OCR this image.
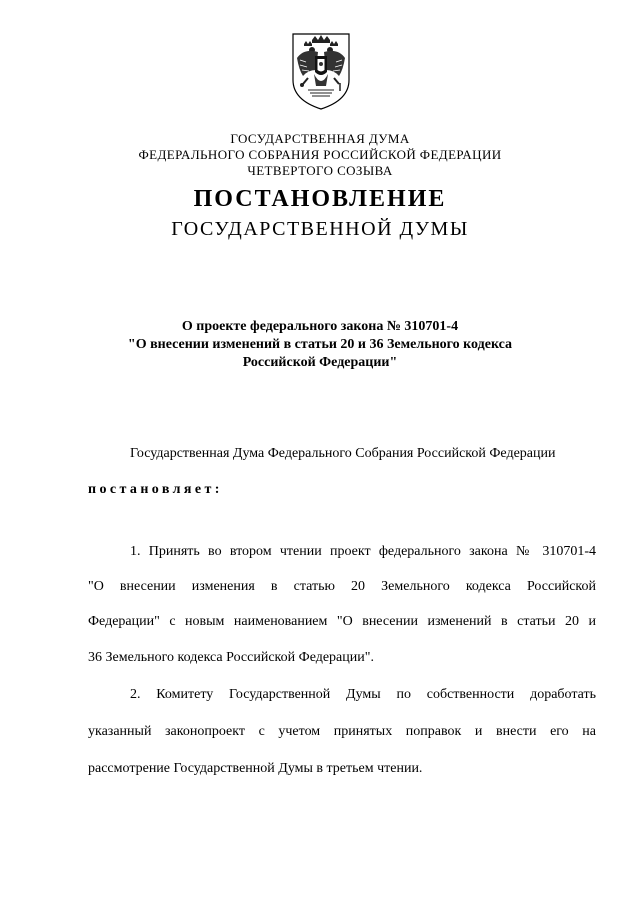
ГОСУДАРСТВЕННАЯ ДУМА
ФЕДЕРАЛЬНОГО СОБРАНИЯ РОССИЙСКОЙ ФЕДЕРАЦИИ
ЧЕТВЕРТОГО СОЗЫВА
ПОСТАНОВЛЕНИЕ
ГОСУДАРСТВЕННОЙ ДУМЫ
О проекте федерального закона № 310701-4
"О внесении изменений в статьи 20 и 36 Земельного кодекса
Российской Федерации"
Государственная Дума Федерального Собрания Российской Федерации
постановляет:
1. Принять во втором чтении проект федерального закона № 310701-4
"О внесении изменения в статью 20 Земельного кодекса Российской
Федерации" с новым наименованием "О внесении изменений в статьи 20 и
36 Земельного кодекса Российской Федерации".
2. Комитету Государственной Думы по собственности доработать
указанный законопроект с учетом принятых поправок и внести его на
рассмотрение Государственной Думы в третьем чтении.
